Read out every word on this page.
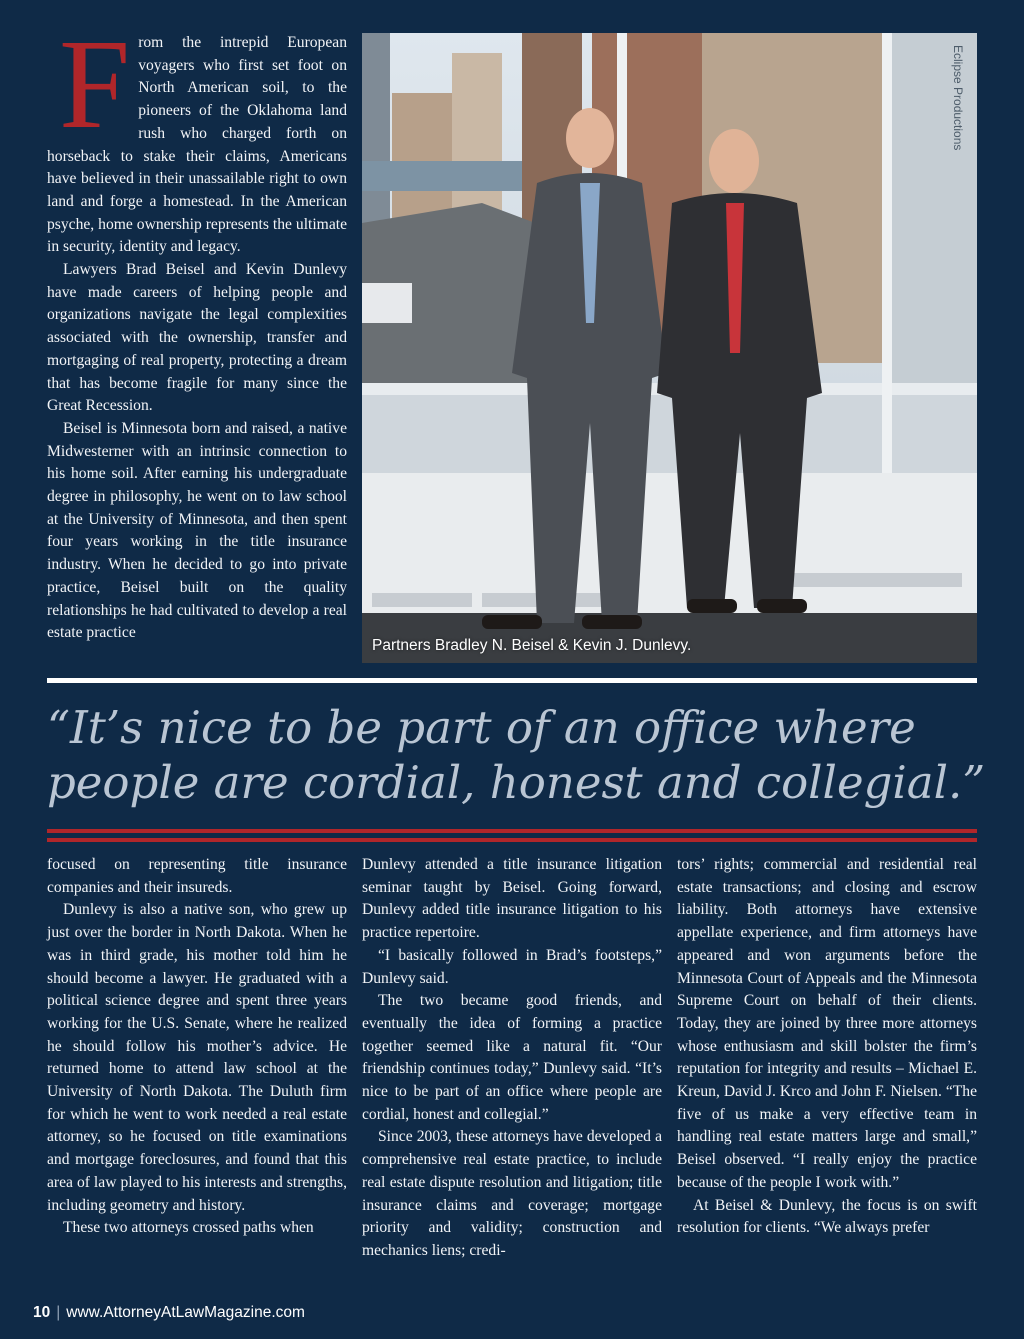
From the intrepid European voyagers who first set foot on North American soil, to the pioneers of the Oklahoma land rush who charged forth on horseback to stake their claims, Americans have believed in their unassailable right to own land and forge a homestead. In the American psyche, home ownership represents the ultimate in security, identity and legacy.

Lawyers Brad Beisel and Kevin Dunlevy have made careers of helping people and organizations navigate the legal complexities associated with the ownership, transfer and mortgaging of real property, protecting a dream that has become fragile for many since the Great Recession.

Beisel is Minnesota born and raised, a native Midwesterner with an intrinsic connection to his home soil. After earning his undergraduate degree in philosophy, he went on to law school at the University of Minnesota, and then spent four years working in the title insurance industry. When he decided to go into private practice, Beisel built on the quality relationships he had cultivated to develop a real estate practice

Eclipse Productions
Partners Bradley N. Beisel & Kevin J. Dunlevy.

“It’s nice to be part of an office where people are cordial, honest and collegial.”

focused on representing title insurance companies and their insureds.

Dunlevy is also a native son, who grew up just over the border in North Dakota. When he was in third grade, his mother told him he should become a lawyer. He graduated with a political science degree and spent three years working for the U.S. Senate, where he realized he should follow his mother’s advice. He returned home to attend law school at the University of North Dakota. The Duluth firm for which he went to work needed a real estate attorney, so he focused on title examinations and mortgage foreclosures, and found that this area of law played to his interests and strengths, including geometry and history.

These two attorneys crossed paths when

Dunlevy attended a title insurance litigation seminar taught by Beisel. Going forward, Dunlevy added title insurance litigation to his practice repertoire.

“I basically followed in Brad’s footsteps,” Dunlevy said.

The two became good friends, and eventually the idea of forming a practice together seemed like a natural fit. “Our friendship continues today,” Dunlevy said. “It’s nice to be part of an office where people are cordial, honest and collegial.”

Since 2003, these attorneys have developed a comprehensive real estate practice, to include real estate dispute resolution and litigation; title insurance claims and coverage; mortgage priority and validity; construction and mechanics liens; credi-

tors’ rights; commercial and residential real estate transactions; and closing and escrow liability. Both attorneys have extensive appellate experience, and firm attorneys have appeared and won arguments before the Minnesota Court of Appeals and the Minnesota Supreme Court on behalf of their clients. Today, they are joined by three more attorneys whose enthusiasm and skill bolster the firm’s reputation for integrity and results – Michael E. Kreun, David J. Krco and John F. Nielsen. “The five of us make a very effective team in handling real estate matters large and small,” Beisel observed. “I really enjoy the practice because of the people I work with.”

At Beisel & Dunlevy, the focus is on swift resolution for clients. “We always prefer

10 | www.AttorneyAtLawMagazine.com
